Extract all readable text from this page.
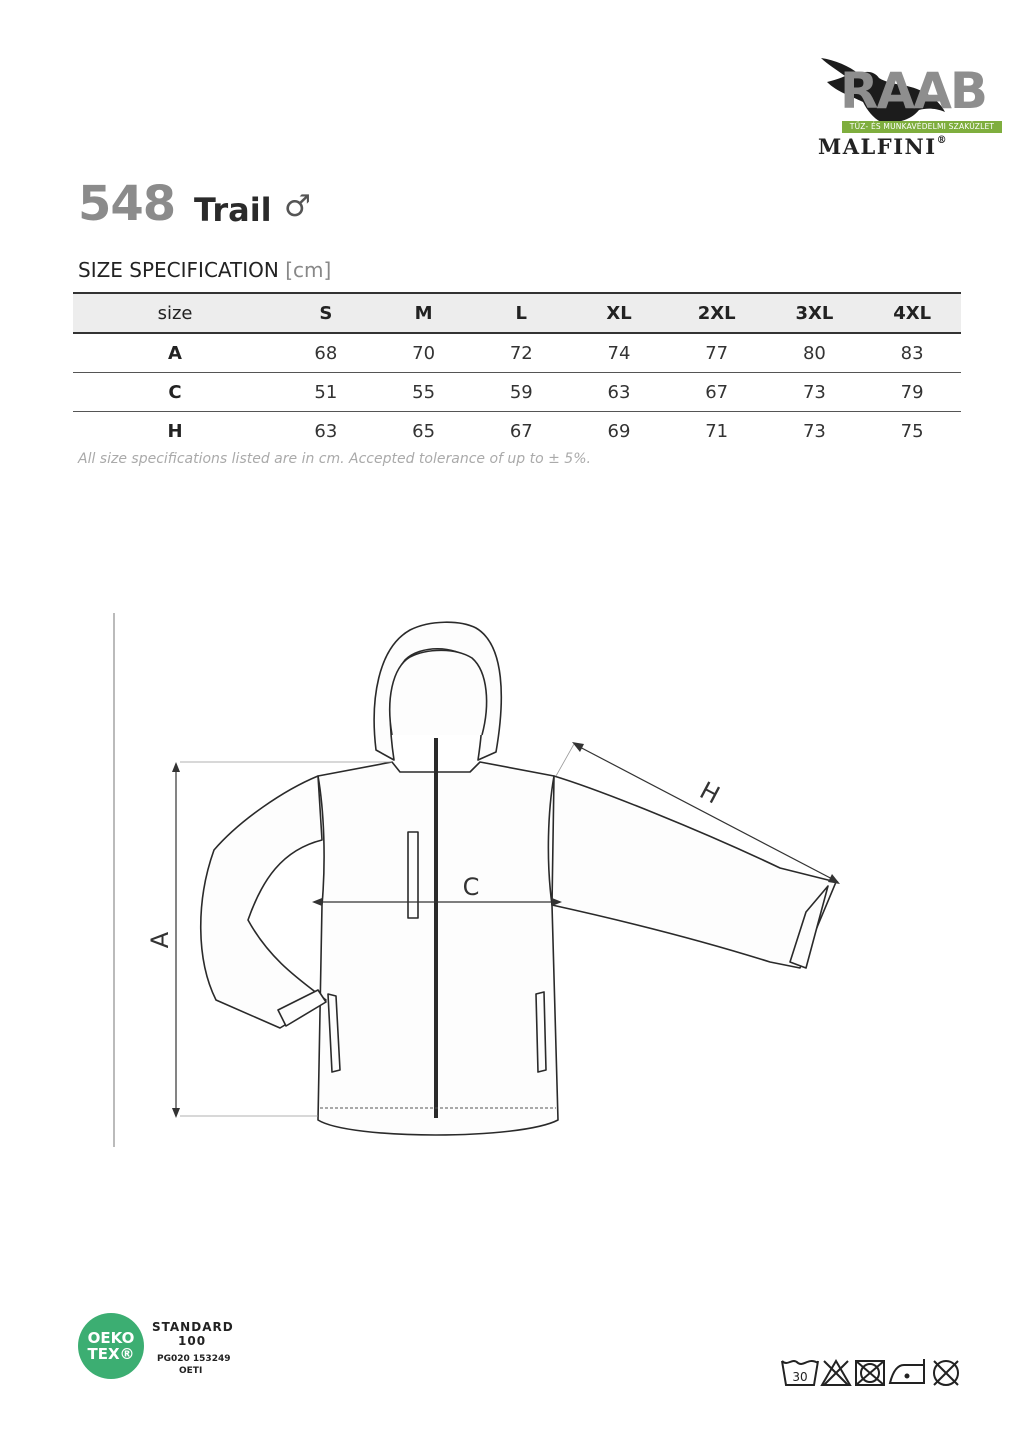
RAAB
TŰZ- ÉS MUNKAVÉDELMI SZAKÜZLET
MALFINI®
548 Trail ♂
SIZE SPECIFICATION [cm]
size	S	M	L	XL	2XL	3XL	4XL
A	68	70	72	74	77	80	83
C	51	55	59	63	67	73	79
H	63	65	67	69	71	73	75
All size specifications listed are in cm. Accepted tolerance of up to ± 5%.
A
C
H
OEKO
TEX®
STANDARD
100
PG020 153249
OETI	30
